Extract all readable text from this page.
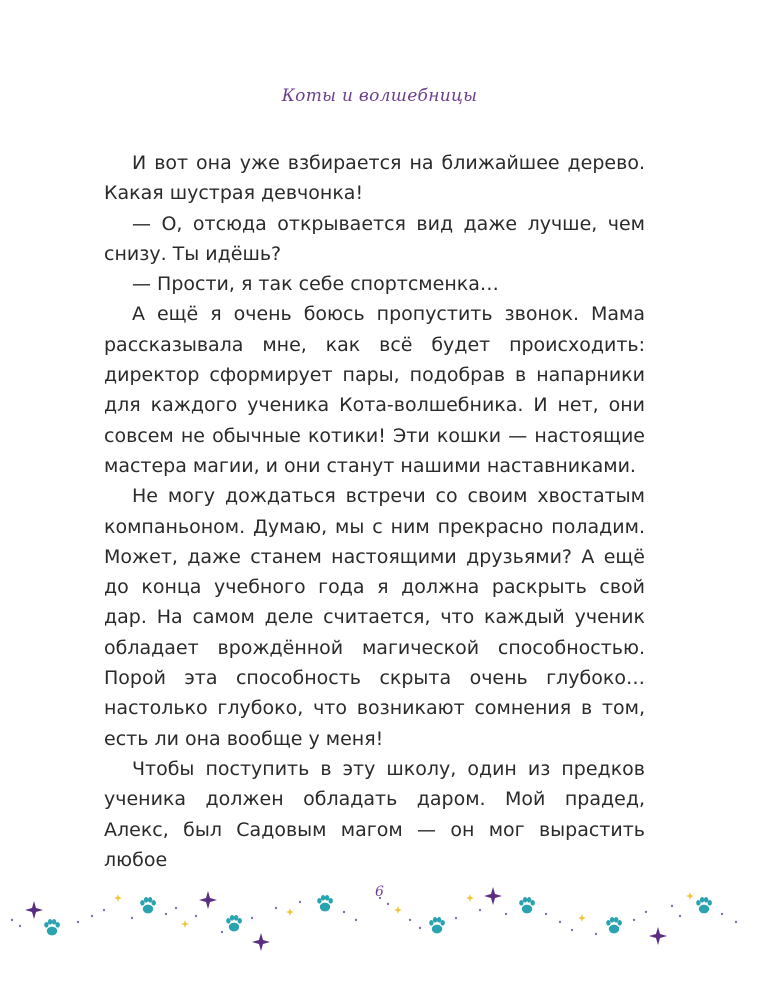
Коты и волшебницы

И вот она уже взбирается на ближайшее дерево. Какая шустрая девчонка!

— О, отсюда открывается вид даже лучше, чем снизу. Ты идёшь?

— Прости, я так себе спортсменка…

А ещё я очень боюсь пропустить звонок. Мама рассказывала мне, как всё будет происходить: директор сформирует пары, подобрав в напарники для каждого ученика Кота-волшебника. И нет, они совсем не обычные котики! Эти кошки — настоящие мастера магии, и они станут нашими наставниками.

Не могу дождаться встречи со своим хвостатым компаньоном. Думаю, мы с ним прекрасно поладим. Может, даже станем настоящими друзьями? А ещё до конца учебного года я должна раскрыть свой дар. На самом деле считается, что каждый ученик обладает врождённой магической способностью. Порой эта способность скрыта очень глубоко… настолько глубоко, что возникают сомнения в том, есть ли она вообще у меня!

Чтобы поступить в эту школу, один из предков ученика должен обладать даром. Мой прадед, Алекс, был Садовым магом — он мог вырастить любое

6
